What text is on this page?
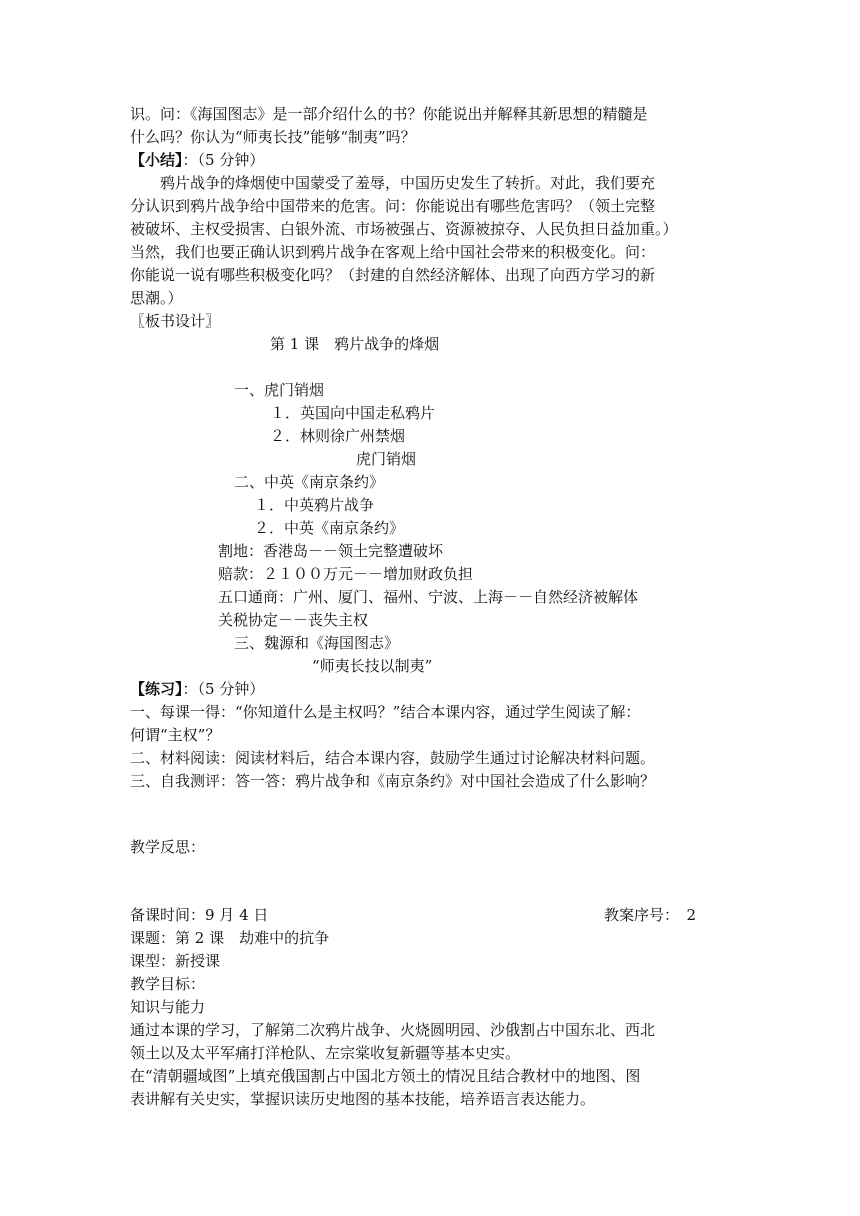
识。问：《海国图志》是一部介绍什么的书？你能说出并解释其新思想的精髓是
什么吗？你认为“师夷长技”能够“制夷”吗？
【小结】：（5 分钟）
鸦片战争的烽烟使中国蒙受了羞辱，中国历史发生了转折。对此，我们要充
分认识到鸦片战争给中国带来的危害。问：你能说出有哪些危害吗？（领土完整
被破坏、主权受损害、白银外流、市场被强占、资源被掠夺、人民负担日益加重。）
当然，我们也要正确认识到鸦片战争在客观上给中国社会带来的积极变化。问：
你能说一说有哪些积极变化吗？（封建的自然经济解体、出现了向西方学习的新
思潮。）
〖板书设计〗
第 1 课　鸦片战争的烽烟
一、虎门销烟
１．英国向中国走私鸦片
２．林则徐广州禁烟
虎门销烟
二、中英《南京条约》
１．中英鸦片战争
２．中英《南京条约》
割地：香港岛－－领土完整遭破坏
赔款：２１００万元－－增加财政负担
五口通商：广州、厦门、福州、宁波、上海－－自然经济被解体
关税协定－－丧失主权
三、魏源和《海国图志》
“师夷长技以制夷”
【练习】：（5 分钟）
一、每课一得：“你知道什么是主权吗？”结合本课内容，通过学生阅读了解：
何谓“主权”？
二、材料阅读：阅读材料后，结合本课内容，鼓励学生通过讨论解决材料问题。
三、自我测评：答一答：鸦片战争和《南京条约》对中国社会造成了什么影响？
教学反思：
备课时间：9 月 4 日	教案序号：　2
课题：第 2 课　劫难中的抗争
课型：新授课
教学目标：
知识与能力
通过本课的学习，了解第二次鸦片战争、火烧圆明园、沙俄割占中国东北、西北
领土以及太平军痛打洋枪队、左宗棠收复新疆等基本史实。
在“清朝疆域图”上填充俄国割占中国北方领土的情况且结合教材中的地图、图
表讲解有关史实，掌握识读历史地图的基本技能，培养语言表达能力。
